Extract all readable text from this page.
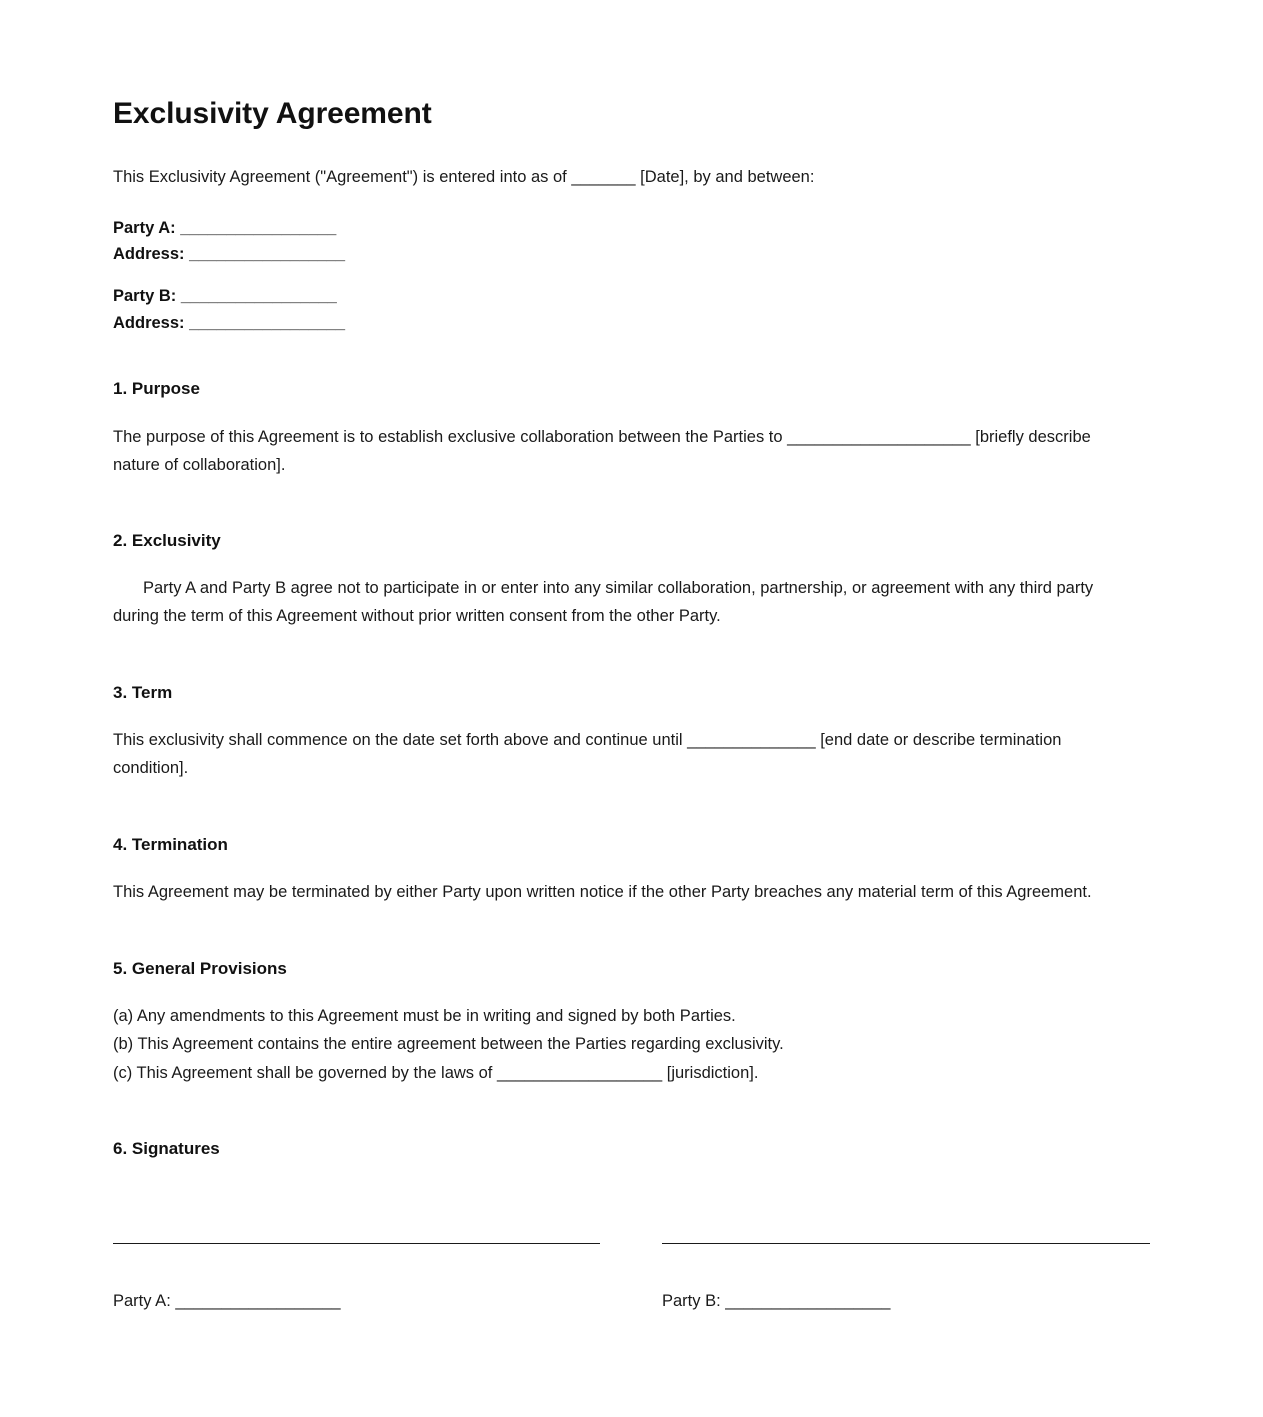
Exclusivity Agreement

This Exclusivity Agreement ("Agreement") is entered into as of _______ [Date], by and between:

Party A: _________________
Address: _________________
Party B: _________________
Address: _________________
1. Purpose

The purpose of this Agreement is to establish exclusive collaboration between the Parties to ____________________ [briefly describe nature of collaboration].

2. Exclusivity

Party A and Party B agree not to participate in or enter into any similar collaboration, partnership, or agreement with any third party during the term of this Agreement without prior written consent from the other Party.

3. Term

This exclusivity shall commence on the date set forth above and continue until ______________ [end date or describe termination condition].

4. Termination

This Agreement may be terminated by either Party upon written notice if the other Party breaches any material term of this Agreement.

5. General Provisions
(a) Any amendments to this Agreement must be in writing and signed by both Parties.
(b) This Agreement contains the entire agreement between the Parties regarding exclusivity.
(c) This Agreement shall be governed by the laws of __________________ [jurisdiction].
6. Signatures
Party A: __________________	Party B: __________________
